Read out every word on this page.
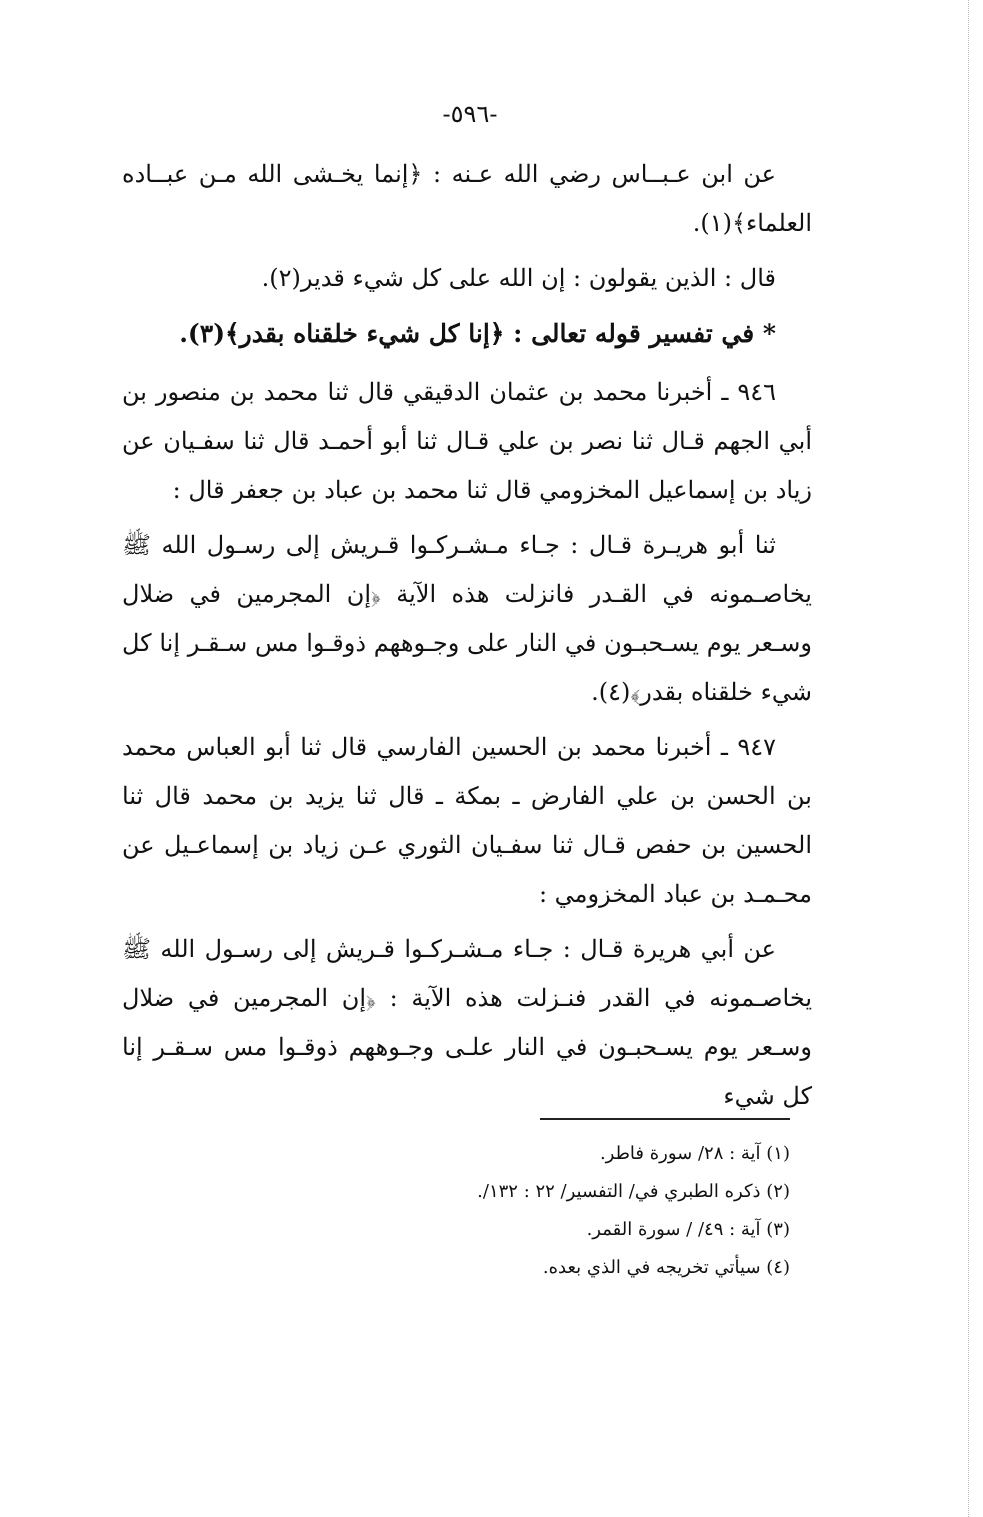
-٥٩٦-

عن ابن عـبــاس رضي الله عـنه : ﴿إنما يخـشى الله مـن عبــاده العلماء﴾(١).

قال : الذين يقولون : إن الله على كل شيء قدير(٢).

* في تفسير قوله تعالى : ﴿إنا كل شيء خلقناه بقدر﴾(٣).

٩٤٦ ـ أخبرنا محمد بن عثمان الدقيقي قال ثنا محمد بن منصور بن أبي الجهم قـال ثنا نصر بن علي قـال ثنا أبو أحمـد قال ثنا سفـيان عن زياد بن إسماعيل المخزومي قال ثنا محمد بن عباد بن جعفر قال :

ثنا أبو هريـرة قـال : جـاء مـشـركـوا قـريش إلى رسـول الله ﷺ يخاصـمونه في القـدر فانزلت هذه الآية ﴿إن المجرمين في ضلال وسـعر يوم يسـحبـون في النار على وجـوههم ذوقـوا مس سـقـر إنا كل شيء خلقناه بقدر﴾(٤).

٩٤٧ ـ أخبرنا محمد بن الحسين الفارسي قال ثنا أبو العباس محمد بن الحسن بن علي الفارض ـ بمكة ـ قال ثنا يزيد بن محمد قال ثنا الحسين بن حفص قـال ثنا سفـيان الثوري عـن زياد بن إسماعـيل عن محـمـد بن عباد المخزومي :

عن أبي هريرة قـال : جـاء مـشـركـوا قـريش إلى رسـول الله ﷺ يخاصـمونه في القدر فنـزلت هذه الآية : ﴿إن المجرمين في ضلال وسـعر يوم يسـحبـون في النار علـى وجـوههم ذوقـوا مس سـقـر إنا كل شيء

(١) آية : ٢٨/ سورة فاطر.
(٢) ذكره الطبري في/ التفسير/ ٢٢ : ١٣٢/.
(٣) آية : ٤٩/ / سورة القمر.
(٤) سيأتي تخريجه في الذي بعده.
